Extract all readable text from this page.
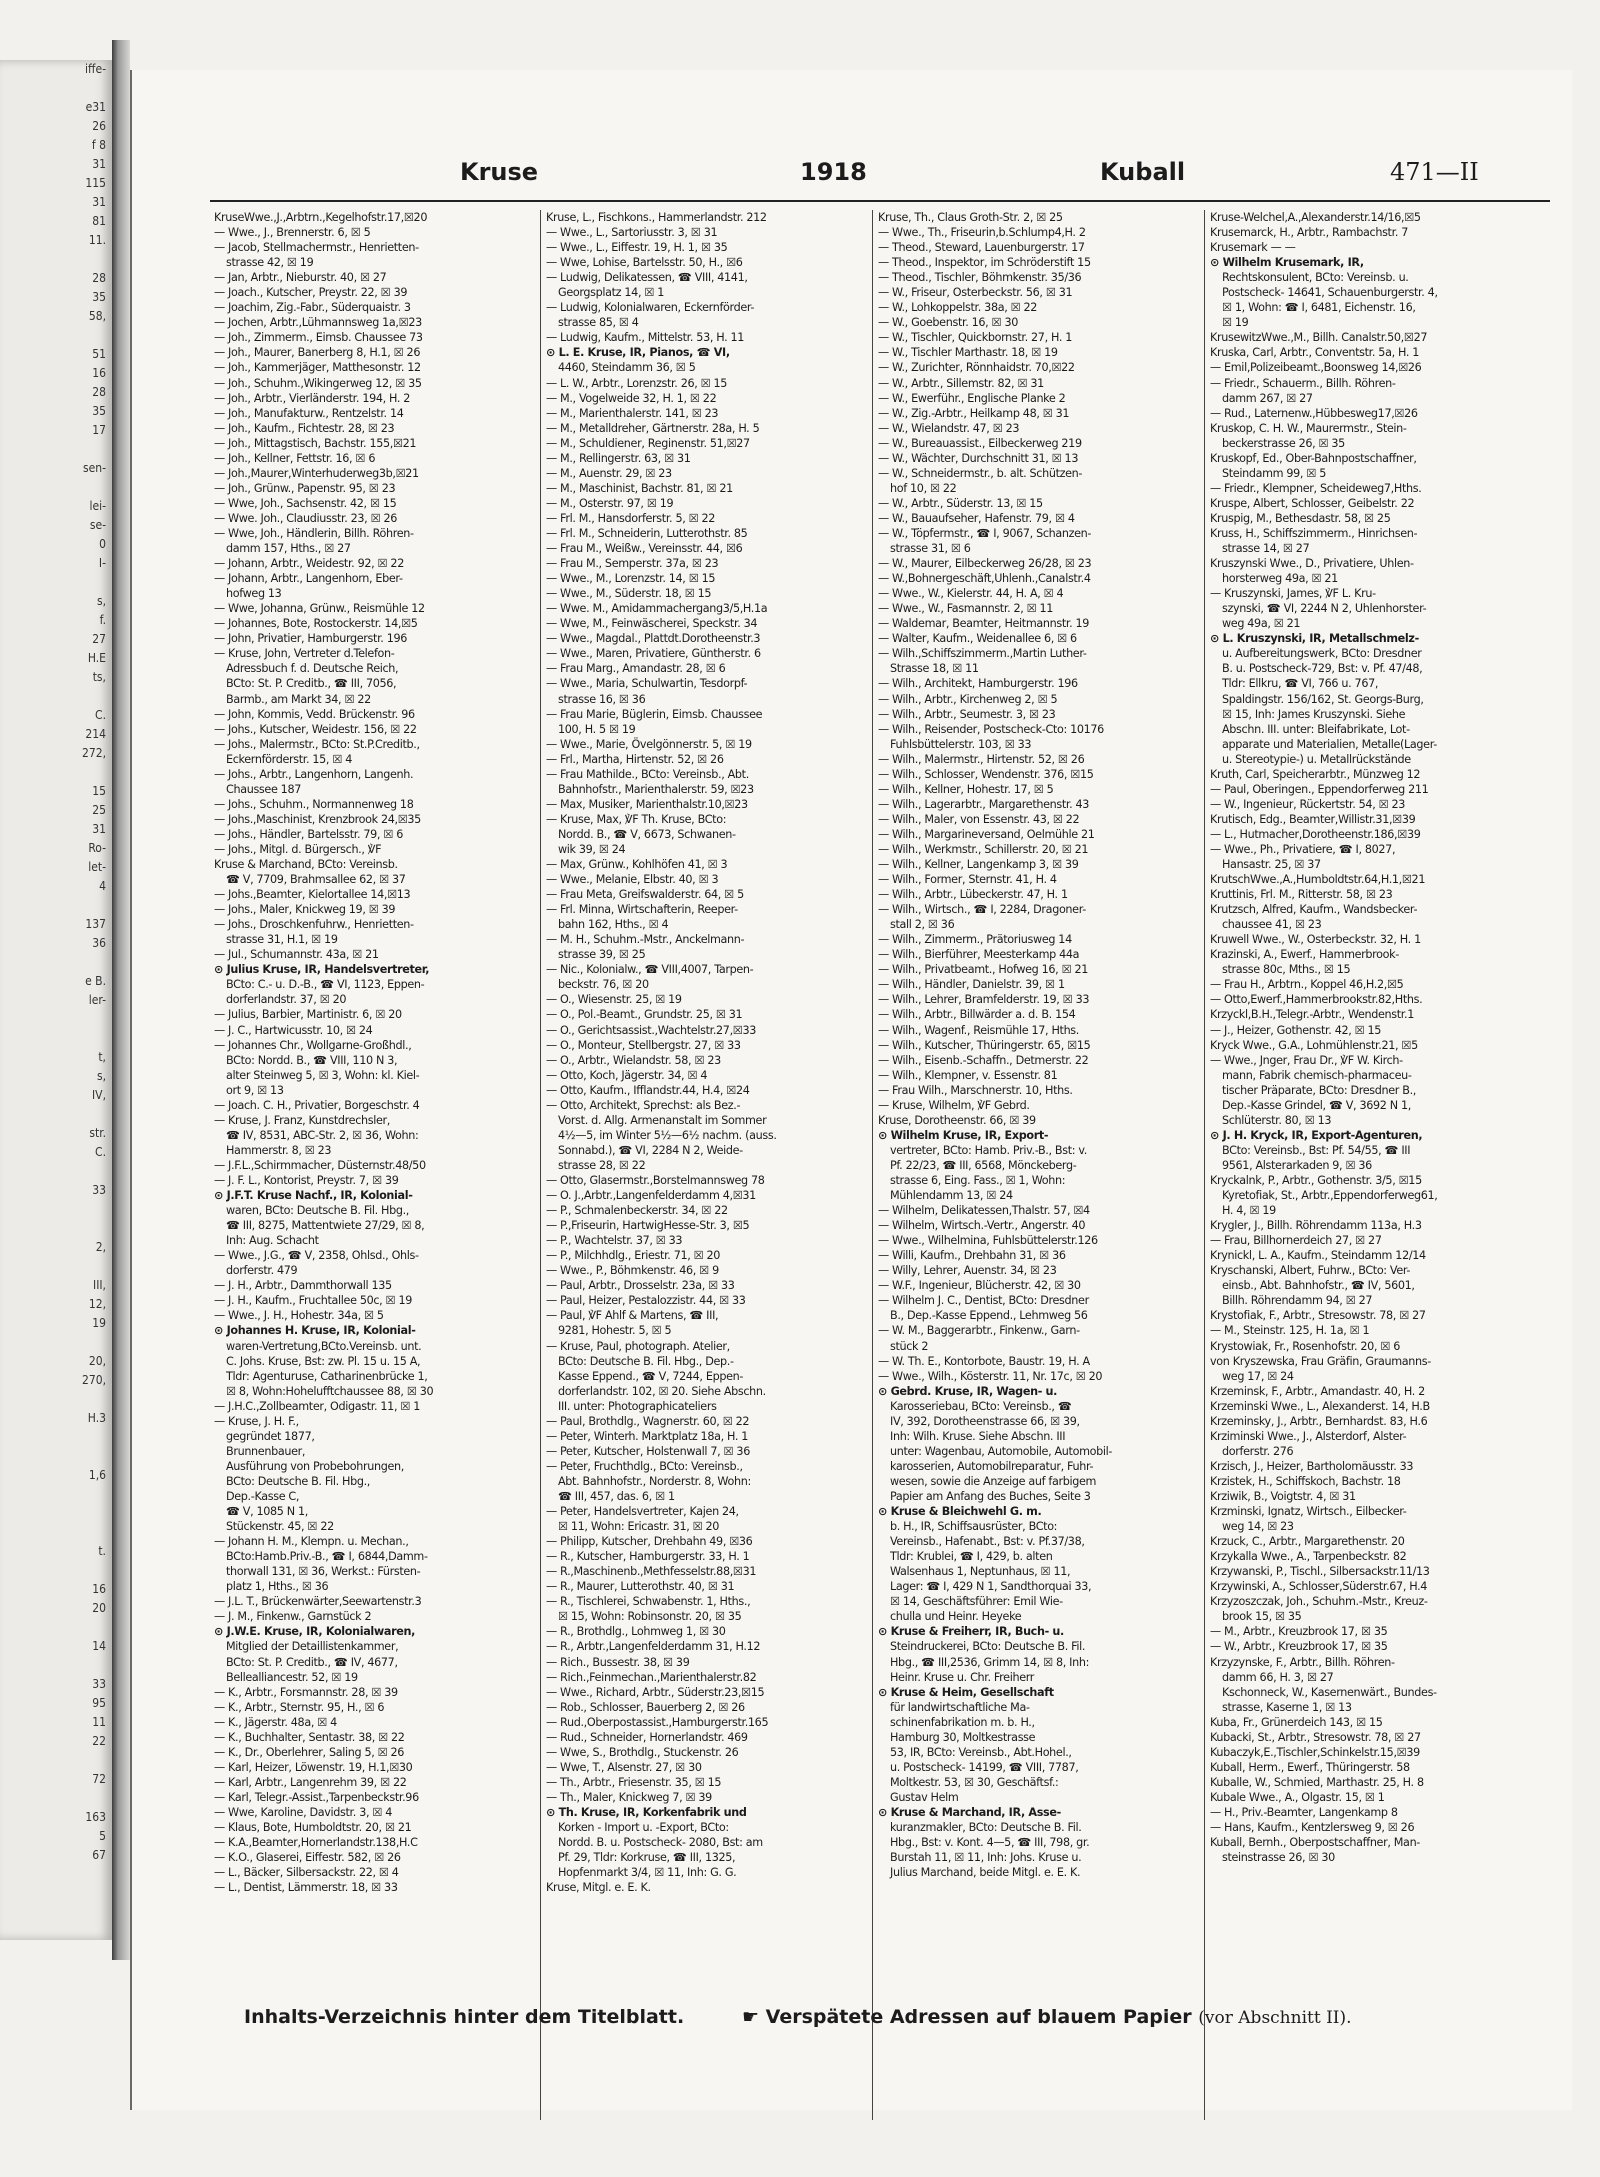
iffe-

e31
26
f 8
31
115
31
81
11.

28
35
58,

51
16
28
35
17

sen-

lei-
se-
0
I-

s,
f.
27
H.E
ts,

C.
214
272,

15
25
31
Ro-
let-
4

137
36

e B.
ler-

t,
s,
IV,

str.
C.

33

2,

III,
12,
19

20,
270,

H.3

1,6

t.

16
20

14

33
95
11
22

72

163
5
67
Kruse	1918	Kuball	471—II
KruseWwe.,J.,Arbtrn.,Kegelhofstr.17,☒20
— Wwe., J., Brennerstr. 6, ☒ 5
— Jacob, Stellmachermstr., Henrietten-
strasse 42, ☒ 19
— Jan, Arbtr., Nieburstr. 40, ☒ 27
— Joach., Kutscher, Preystr. 22, ☒ 39
— Joachim, Zig.-Fabr., Süderquaistr. 3
— Jochen, Arbtr.,Lühmannsweg 1a,☒23
— Joh., Zimmerm., Eimsb. Chaussee 73
— Joh., Maurer, Banerberg 8, H.1, ☒ 26
— Joh., Kammerjäger, Matthesonstr. 12
— Joh., Schuhm.,Wikingerweg 12, ☒ 35
— Joh., Arbtr., Vierländerstr. 194, H. 2
— Joh., Manufakturw., Rentzelstr. 14
— Joh., Kaufm., Fichtestr. 28, ☒ 23
— Joh., Mittagstisch, Bachstr. 155,☒21
— Joh., Kellner, Fettstr. 16, ☒ 6
— Joh.,Maurer,Winterhuderweg3b,☒21
— Joh., Grünw., Papenstr. 95, ☒ 23
— Wwe, Joh., Sachsenstr. 42, ☒ 15
— Wwe. Joh., Claudiusstr. 23, ☒ 26
— Wwe, Joh., Händlerin, Billh. Röhren-
damm 157, Hths., ☒ 27
— Johann, Arbtr., Weidestr. 92, ☒ 22
— Johann, Arbtr., Langenhorn, Eber-
hofweg 13
— Wwe, Johanna, Grünw., Reismühle 12
— Johannes, Bote, Rostockerstr. 14,☒5
— John, Privatier, Hamburgerstr. 196
— Kruse, John, Vertreter d.Telefon-
Adressbuch f. d. Deutsche Reich,
BCto: St. P. Creditb., ☎ III, 7056,
Barmb., am Markt 34, ☒ 22
— John, Kommis, Vedd. Brückenstr. 96
— Johs., Kutscher, Weidestr. 156, ☒ 22
— Johs., Malermstr., BCto: St.P.Creditb.,
Eckernförderstr. 15, ☒ 4
— Johs., Arbtr., Langenhorn, Langenh.
Chaussee 187
— Johs., Schuhm., Normannenweg 18
— Johs.,Maschinist, Krenzbrook 24,☒35
— Johs., Händler, Bartelsstr. 79, ☒ 6
— Johs., Mitgl. d. Bürgersch., ℣F
Kruse & Marchand, BCto: Vereinsb.
☎ V, 7709, Brahmsallee 62, ☒ 37
— Johs.,Beamter, Kielortallee 14,☒13
— Johs., Maler, Knickweg 19, ☒ 39
— Johs., Droschkenfuhrw., Henrietten-
strasse 31, H.1, ☒ 19
— Jul., Schumannstr. 43a, ☒ 21
⊙ Julius Kruse, IR, Handelsvertreter,
BCto: C.- u. D.-B., ☎ VI, 1123, Eppen-
dorferlandstr. 37, ☒ 20
— Julius, Barbier, Martinistr. 6, ☒ 20
— J. C., Hartwicusstr. 10, ☒ 24
— Johannes Chr., Wollgarne-Großhdl.,
BCto: Nordd. B., ☎ VIII, 110 N 3,
alter Steinweg 5, ☒ 3, Wohn: kl. Kiel-
ort 9, ☒ 13
— Joach. C. H., Privatier, Borgeschstr. 4
— Kruse, J. Franz, Kunstdrechsler,
☎ IV, 8531, ABC-Str. 2, ☒ 36, Wohn:
Hammerstr. 8, ☒ 23
— J.F.L.,Schirmmacher, Düsternstr.48/50
— J. F. L., Kontorist, Preystr. 7, ☒ 39
⊙ J.F.T. Kruse Nachf., IR, Kolonial-
waren, BCto: Deutsche B. Fil. Hbg.,
☎ III, 8275, Mattentwiete 27/29, ☒ 8,
Inh: Aug. Schacht
— Wwe., J.G., ☎ V, 2358, Ohlsd., Ohls-
dorferstr. 479
— J. H., Arbtr., Dammthorwall 135
— J. H., Kaufm., Fruchtallee 50c, ☒ 19
— Wwe., J. H., Hohestr. 34a, ☒ 5
⊙ Johannes H. Kruse, IR, Kolonial-
waren-Vertretung,BCto.Vereinsb. unt.
C. Johs. Kruse, Bst: zw. Pl. 15 u. 15 A,
Tldr: Agenturuse, Catharinenbrücke 1,
☒ 8, Wohn:Hohelufftchaussee 88, ☒ 30
— J.H.C.,Zollbeamter, Odigastr. 11, ☒ 1
— Kruse, J. H. F.,
gegründet 1877,
Brunnenbauer,
Ausführung von Probebohrungen,
BCto: Deutsche B. Fil. Hbg.,
Dep.-Kasse C,
☎ V, 1085 N 1,
Stückenstr. 45, ☒ 22
— Johann H. M., Klempn. u. Mechan.,
BCto:Hamb.Priv.-B., ☎ I, 6844,Damm-
thorwall 131, ☒ 36, Werkst.: Fürsten-
platz 1, Hths., ☒ 36
— J.L. T., Brückenwärter,Seewartenstr.3
— J. M., Finkenw., Garnstück 2
⊙ J.W.E. Kruse, IR, Kolonialwaren,
Mitglied der Detaillistenkammer,
BCto: St. P. Creditb., ☎ IV, 4677,
Bellealliancestr. 52, ☒ 19
— K., Arbtr., Forsmannstr. 28, ☒ 39
— K., Arbtr., Sternstr. 95, H., ☒ 6
— K., Jägerstr. 48a, ☒ 4
— K., Buchhalter, Sentastr. 38, ☒ 22
— K., Dr., Oberlehrer, Saling 5, ☒ 26
— Karl, Heizer, Löwenstr. 19, H.1,☒30
— Karl, Arbtr., Langenrehm 39, ☒ 22
— Karl, Telegr.-Assist.,Tarpenbeckstr.96
— Wwe, Karoline, Davidstr. 3, ☒ 4
— Klaus, Bote, Humboldtstr. 20, ☒ 21
— K.A.,Beamter,Hornerlandstr.138,H.C
— K.O., Glaserei, Eiffestr. 582, ☒ 26
— L., Bäcker, Silbersackstr. 22, ☒ 4
— L., Dentist, Lämmerstr. 18, ☒ 33
Kruse, L., Fischkons., Hammerlandstr. 212
— Wwe., L., Sartoriusstr. 3, ☒ 31
— Wwe., L., Eiffestr. 19, H. 1, ☒ 35
— Wwe, Lohise, Bartelsstr. 50, H., ☒6
— Ludwig, Delikatessen, ☎ VIII, 4141,
Georgsplatz 14, ☒ 1
— Ludwig, Kolonialwaren, Eckernförder-
strasse 85, ☒ 4
— Ludwig, Kaufm., Mittelstr. 53, H. 11
⊙ L. E. Kruse, IR, Pianos, ☎ VI,
4460, Steindamm 36, ☒ 5
— L. W., Arbtr., Lorenzstr. 26, ☒ 15
— M., Vogelweide 32, H. 1, ☒ 22
— M., Marienthalerstr. 141, ☒ 23
— M., Metalldreher, Gärtnerstr. 28a, H. 5
— M., Schuldiener, Reginenstr. 51,☒27
— M., Rellingerstr. 63, ☒ 31
— M., Auenstr. 29, ☒ 23
— M., Maschinist, Bachstr. 81, ☒ 21
— M., Osterstr. 97, ☒ 19
— Frl. M., Hansdorferstr. 5, ☒ 22
— Frl. M., Schneiderin, Lutterothstr. 85
— Frau M., Weißw., Vereinsstr. 44, ☒6
— Frau M., Semperstr. 37a, ☒ 23
— Wwe., M., Lorenzstr. 14, ☒ 15
— Wwe., M., Süderstr. 18, ☒ 15
— Wwe. M., Amidammachergang3/5,H.1a
— Wwe, M., Feinwäscherei, Speckstr. 34
— Wwe., Magdal., Plattdt.Dorotheenstr.3
— Wwe., Maren, Privatiere, Güntherstr. 6
— Frau Marg., Amandastr. 28, ☒ 6
— Wwe., Maria, Schulwartin, Tesdorpf-
strasse 16, ☒ 36
— Frau Marie, Büglerin, Eimsb. Chaussee
100, H. 5 ☒ 19
— Wwe., Marie, Övelgönnerstr. 5, ☒ 19
— Frl., Martha, Hirtenstr. 52, ☒ 26
— Frau Mathilde., BCto: Vereinsb., Abt.
Bahnhofstr., Marienthalerstr. 59, ☒23
— Max, Musiker, Marienthalstr.10,☒23
— Kruse, Max, ℣F Th. Kruse, BCto:
Nordd. B., ☎ V, 6673, Schwanen-
wik 39, ☒ 24
— Max, Grünw., Kohlhöfen 41, ☒ 3
— Wwe., Melanie, Elbstr. 40, ☒ 3
— Frau Meta, Greifswalderstr. 64, ☒ 5
— Frl. Minna, Wirtschafterin, Reeper-
bahn 162, Hths., ☒ 4
— M. H., Schuhm.-Mstr., Anckelmann-
strasse 39, ☒ 25
— Nic., Kolonialw., ☎ VIII,4007, Tarpen-
beckstr. 76, ☒ 20
— O., Wiesenstr. 25, ☒ 19
— O., Pol.-Beamt., Grundstr. 25, ☒ 31
— O., Gerichtsassist.,Wachtelstr.27,☒33
— O., Monteur, Stellbergstr. 27, ☒ 33
— O., Arbtr., Wielandstr. 58, ☒ 23
— Otto, Koch, Jägerstr. 34, ☒ 4
— Otto, Kaufm., Ifflandstr.44, H.4, ☒24
— Otto, Architekt, Sprechst: als Bez.-
Vorst. d. Allg. Armenanstalt im Sommer
4½—5, im Winter 5½—6½ nachm. (auss.
Sonnabd.), ☎ VI, 2284 N 2, Weide-
strasse 28, ☒ 22
— Otto, Glasermstr.,Borstelmannsweg 78
— O. J.,Arbtr.,Langenfelderdamm 4,☒31
— P., Schmalenbeckerstr. 34, ☒ 22
— P.,Friseurin, HartwigHesse-Str. 3, ☒5
— P., Wachtelstr. 37, ☒ 33
— P., Milchhdlg., Eriestr. 71, ☒ 20
— Wwe., P., Böhmkenstr. 46, ☒ 9
— Paul, Arbtr., Drosselstr. 23a, ☒ 33
— Paul, Heizer, Pestalozzistr. 44, ☒ 33
— Paul, ℣F Ahlf & Martens, ☎ III,
9281, Hohestr. 5, ☒ 5
— Kruse, Paul, photograph. Atelier,
BCto: Deutsche B. Fil. Hbg., Dep.-
Kasse Eppend., ☎ V, 7244, Eppen-
dorferlandstr. 102, ☒ 20. Siehe Abschn.
III. unter: Photographicateliers
— Paul, Brothdlg., Wagnerstr. 60, ☒ 22
— Peter, Winterh. Marktplatz 18a, H. 1
— Peter, Kutscher, Holstenwall 7, ☒ 36
— Peter, Fruchthdlg., BCto: Vereinsb.,
Abt. Bahnhofstr., Norderstr. 8, Wohn:
☎ III, 457, das. 6, ☒ 1
— Peter, Handelsvertreter, Kajen 24,
☒ 11, Wohn: Ericastr. 31, ☒ 20
— Philipp, Kutscher, Drehbahn 49, ☒36
— R., Kutscher, Hamburgerstr. 33, H. 1
— R.,Maschinenb.,Methfesselstr.88,☒31
— R., Maurer, Lutterothstr. 40, ☒ 31
— R., Tischlerei, Schwabenstr. 1, Hths.,
☒ 15, Wohn: Robinsonstr. 20, ☒ 35
— R., Brothdlg., Lohmweg 1, ☒ 30
— R., Arbtr.,Langenfelderdamm 31, H.12
— Rich., Bussestr. 38, ☒ 39
— Rich.,Feinmechan.,Marienthalerstr.82
— Wwe., Richard, Arbtr., Süderstr.23,☒15
— Rob., Schlosser, Bauerberg 2, ☒ 26
— Rud.,Oberpostassist.,Hamburgerstr.165
— Rud., Schneider, Hornerlandstr. 469
— Wwe, S., Brothdlg., Stuckenstr. 26
— Wwe, T., Alsenstr. 27, ☒ 30
— Th., Arbtr., Friesenstr. 35, ☒ 15
— Th., Maler, Knickweg 7, ☒ 39
⊙ Th. Kruse, IR, Korkenfabrik und
Korken - Import u. -Export, BCto:
Nordd. B. u. Postscheck- 2080, Bst: am
Pf. 29, Tldr: Korkruse, ☎ III, 1325,
Hopfenmarkt 3/4, ☒ 11, Inh: G. G.
Kruse, Mitgl. e. E. K.
Kruse, Th., Claus Groth-Str. 2, ☒ 25
— Wwe., Th., Friseurin,b.Schlump4,H. 2
— Theod., Steward, Lauenburgerstr. 17
— Theod., Inspektor, im Schröderstift 15
— Theod., Tischler, Böhmkenstr. 35/36
— W., Friseur, Osterbeckstr. 56, ☒ 31
— W., Lohkoppelstr. 38a, ☒ 22
— W., Goebenstr. 16, ☒ 30
— W., Tischler, Quickbornstr. 27, H. 1
— W., Tischler Marthastr. 18, ☒ 19
— W., Zurichter, Rönnhaidstr. 70,☒22
— W., Arbtr., Sillemstr. 82, ☒ 31
— W., Ewerführ., Englische Planke 2
— W., Zig.-Arbtr., Heilkamp 48, ☒ 31
— W., Wielandstr. 47, ☒ 23
— W., Bureauassist., Eilbeckerweg 219
— W., Wächter, Durchschnitt 31, ☒ 13
— W., Schneidermstr., b. alt. Schützen-
hof 10, ☒ 22
— W., Arbtr., Süderstr. 13, ☒ 15
— W., Bauaufseher, Hafenstr. 79, ☒ 4
— W., Töpfermstr., ☎ I, 9067, Schanzen-
strasse 31, ☒ 6
— W., Maurer, Eilbeckerweg 26/28, ☒ 23
— W.,Bohnergeschäft,Uhlenh.,Canalstr.4
— Wwe., W., Kielerstr. 44, H. A, ☒ 4
— Wwe., W., Fasmannstr. 2, ☒ 11
— Waldemar, Beamter, Heitmannstr. 19
— Walter, Kaufm., Weidenallee 6, ☒ 6
— Wilh.,Schiffszimmerm.,Martin Luther-
Strasse 18, ☒ 11
— Wilh., Architekt, Hamburgerstr. 196
— Wilh., Arbtr., Kirchenweg 2, ☒ 5
— Wilh., Arbtr., Seumestr. 3, ☒ 23
— Wilh., Reisender, Postscheck-Cto: 10176
Fuhlsbüttelerstr. 103, ☒ 33
— Wilh., Malermstr., Hirtenstr. 52, ☒ 26
— Wilh., Schlosser, Wendenstr. 376, ☒15
— Wilh., Kellner, Hohestr. 17, ☒ 5
— Wilh., Lagerarbtr., Margarethenstr. 43
— Wilh., Maler, von Essenstr. 43, ☒ 22
— Wilh., Margarineversand, Oelmühle 21
— Wilh., Werkmstr., Schillerstr. 20, ☒ 21
— Wilh., Kellner, Langenkamp 3, ☒ 39
— Wilh., Former, Sternstr. 41, H. 4
— Wilh., Arbtr., Lübeckerstr. 47, H. 1
— Wilh., Wirtsch., ☎ I, 2284, Dragoner-
stall 2, ☒ 36
— Wilh., Zimmerm., Prätoriusweg 14
— Wilh., Bierführer, Meesterkamp 44a
— Wilh., Privatbeamt., Hofweg 16, ☒ 21
— Wilh., Händler, Danielstr. 39, ☒ 1
— Wilh., Lehrer, Bramfelderstr. 19, ☒ 33
— Wilh., Arbtr., Billwärder a. d. B. 154
— Wilh., Wagenf., Reismühle 17, Hths.
— Wilh., Kutscher, Thüringerstr. 65, ☒15
— Wilh., Eisenb.-Schaffn., Detmerstr. 22
— Wilh., Klempner, v. Essenstr. 81
— Frau Wilh., Marschnerstr. 10, Hths.
— Kruse, Wilhelm, ℣F Gebrd.
Kruse, Dorotheenstr. 66, ☒ 39
⊙ Wilhelm Kruse, IR, Export-
vertreter, BCto: Hamb. Priv.-B., Bst: v.
Pf. 22/23, ☎ III, 6568, Mönckeberg-
strasse 6, Eing. Fass., ☒ 1, Wohn:
Mühlendamm 13, ☒ 24
— Wilhelm, Delikatessen,Thalstr. 57, ☒4
— Wilhelm, Wirtsch.-Vertr., Angerstr. 40
— Wwe., Wilhelmina, Fuhlsbüttelerstr.126
— Willi, Kaufm., Drehbahn 31, ☒ 36
— Willy, Lehrer, Auenstr. 34, ☒ 23
— W.F., Ingenieur, Blücherstr. 42, ☒ 30
— Wilhelm J. C., Dentist, BCto: Dresdner
B., Dep.-Kasse Eppend., Lehmweg 56
— W. M., Baggerarbtr., Finkenw., Garn-
stück 2
— W. Th. E., Kontorbote, Baustr. 19, H. A
— Wwe., Wilh., Kösterstr. 11, Nr. 17c, ☒ 20
⊙ Gebrd. Kruse, IR, Wagen- u.
Karosseriebau, BCto: Vereinsb., ☎
IV, 392, Dorotheenstrasse 66, ☒ 39,
Inh: Wilh. Kruse. Siehe Abschn. III
unter: Wagenbau, Automobile, Automobil-
karosserien, Automobilreparatur, Fuhr-
wesen, sowie die Anzeige auf farbigem
Papier am Anfang des Buches, Seite 3
⊙ Kruse & Bleichwehl G. m.
b. H., IR, Schiffsausrüster, BCto:
Vereinsb., Hafenabt., Bst: v. Pf.37/38,
Tldr: Krublei, ☎ I, 429, b. alten
Walsenhaus 1, Neptunhaus, ☒ 11,
Lager: ☎ I, 429 N 1, Sandthorquai 33,
☒ 14, Geschäftsführer: Emil Wie-
chulla und Heinr. Heyeke
⊙ Kruse & Freiherr, IR, Buch- u.
Steindruckerei, BCto: Deutsche B. Fil.
Hbg., ☎ III,2536, Grimm 14, ☒ 8, Inh:
Heinr. Kruse u. Chr. Freiherr
⊙ Kruse & Heim, Gesellschaft
für landwirtschaftliche Ma-
schinenfabrikation m. b. H.,
Hamburg 30, Moltkestrasse
53, IR, BCto: Vereinsb., Abt.Hohel.,
u. Postscheck- 14199, ☎ VIII, 7787,
Moltkestr. 53, ☒ 30, Geschäftsf.:
Gustav Helm
⊙ Kruse & Marchand, IR, Asse-
kuranzmakler, BCto: Deutsche B. Fil.
Hbg., Bst: v. Kont. 4—5, ☎ III, 798, gr.
Burstah 11, ☒ 11, Inh: Johs. Kruse u.
Julius Marchand, beide Mitgl. e. E. K.
Kruse-Welchel,A.,Alexanderstr.14/16,☒5
Krusemarck, H., Arbtr., Rambachstr. 7
Krusemark — —
⊙ Wilhelm Krusemark, IR,
Rechtskonsulent, BCto: Vereinsb. u.
Postscheck- 14641, Schauenburgerstr. 4,
☒ 1, Wohn: ☎ I, 6481, Eichenstr. 16,
☒ 19
KrusewitzWwe.,M., Billh. Canalstr.50,☒27
Kruska, Carl, Arbtr., Conventstr. 5a, H. 1
— Emil,Polizeibeamt.,Boonsweg 14,☒26
— Friedr., Schauerm., Billh. Röhren-
damm 267, ☒ 27
— Rud., Laternenw.,Hübbesweg17,☒26
Kruskop, C. H. W., Maurermstr., Stein-
beckerstrasse 26, ☒ 35
Kruskopf, Ed., Ober-Bahnpostschaffner,
Steindamm 99, ☒ 5
— Friedr., Klempner, Scheideweg7,Hths.
Kruspe, Albert, Schlosser, Geibelstr. 22
Kruspig, M., Bethesdastr. 58, ☒ 25
Kruss, H., Schiffszimmerm., Hinrichsen-
strasse 14, ☒ 27
Kruszynski Wwe., D., Privatiere, Uhlen-
horsterweg 49a, ☒ 21
— Kruszynski, James, ℣F L. Kru-
szynski, ☎ VI, 2244 N 2, Uhlenhorster-
weg 49a, ☒ 21
⊙ L. Kruszynski, IR, Metallschmelz-
u. Aufbereitungswerk, BCto: Dresdner
B. u. Postscheck-729, Bst: v. Pf. 47/48,
Tldr: Ellkru, ☎ VI, 766 u. 767,
Spaldingstr. 156/162, St. Georgs-Burg,
☒ 15, Inh: James Kruszynski. Siehe
Abschn. III. unter: Bleifabrikate, Lot-
apparate und Materialien, Metalle(Lager-
u. Stereotypie-) u. Metallrückstände
Kruth, Carl, Speicherarbtr., Münzweg 12
— Paul, Oberingen., Eppendorferweg 211
— W., Ingenieur, Rückertstr. 54, ☒ 23
Krutisch, Edg., Beamter,Willistr.31,☒39
— L., Hutmacher,Dorotheenstr.186,☒39
— Wwe., Ph., Privatiere, ☎ I, 8027,
Hansastr. 25, ☒ 37
KrutschWwe.,A.,Humboldtstr.64,H.1,☒21
Kruttinis, Frl. M., Ritterstr. 58, ☒ 23
Krutzsch, Alfred, Kaufm., Wandsbecker-
chaussee 41, ☒ 23
Kruwell Wwe., W., Osterbeckstr. 32, H. 1
Krazinski, A., Ewerf., Hammerbrook-
strasse 80c, Mths., ☒ 15
— Frau H., Arbtrn., Koppel 46,H.2,☒5
— Otto,Ewerf.,Hammerbrookstr.82,Hths.
Krzyckl,B.H.,Telegr.-Arbtr., Wendenstr.1
— J., Heizer, Gothenstr. 42, ☒ 15
Kryck Wwe., G.A., Lohmühlenstr.21, ☒5
— Wwe., Jnger, Frau Dr., ℣F W. Kirch-
mann, Fabrik chemisch-pharmaceu-
tischer Präparate, BCto: Dresdner B.,
Dep.-Kasse Grindel, ☎ V, 3692 N 1,
Schlüterstr. 80, ☒ 13
⊙ J. H. Kryck, IR, Export-Agenturen,
BCto: Vereinsb., Bst: Pf. 54/55, ☎ III
9561, Alsterarkaden 9, ☒ 36
Kryckalnk, P., Arbtr., Gothenstr. 3/5, ☒15
Kyretofiak, St., Arbtr.,Eppendorferweg61,
H. 4, ☒ 19
Krygler, J., Billh. Röhrendamm 113a, H.3
— Frau, Billhornerdeich 27, ☒ 27
Krynickl, L. A., Kaufm., Steindamm 12/14
Kryschanski, Albert, Fuhrw., BCto: Ver-
einsb., Abt. Bahnhofstr., ☎ IV, 5601,
Billh. Röhrendamm 94, ☒ 27
Krystofiak, F., Arbtr., Stresowstr. 78, ☒ 27
— M., Steinstr. 125, H. 1a, ☒ 1
Krystowiak, Fr., Rosenhofstr. 20, ☒ 6
von Kryszewska, Frau Gräfin, Graumanns-
weg 17, ☒ 24
Krzeminsk, F., Arbtr., Amandastr. 40, H. 2
Krzeminski Wwe., L., Alexanderst. 14, H.B
Krzeminsky, J., Arbtr., Bernhardst. 83, H.6
Krziminski Wwe., J., Alsterdorf, Alster-
dorferstr. 276
Krzisch, J., Heizer, Bartholomäusstr. 33
Krzistek, H., Schiffskoch, Bachstr. 18
Krziwik, B., Voigtstr. 4, ☒ 31
Krzminski, Ignatz, Wirtsch., Eilbecker-
weg 14, ☒ 23
Krzuck, C., Arbtr., Margarethenstr. 20
Krzykalla Wwe., A., Tarpenbeckstr. 82
Krzywanski, P., Tischl., Silbersackstr.11/13
Krzywinski, A., Schlosser,Süderstr.67, H.4
Krzyzoszczak, Joh., Schuhm.-Mstr., Kreuz-
brook 15, ☒ 35
— M., Arbtr., Kreuzbrook 17, ☒ 35
— W., Arbtr., Kreuzbrook 17, ☒ 35
Krzyzynske, F., Arbtr., Billh. Röhren-
damm 66, H. 3, ☒ 27
Kschonneck, W., Kasernenwärt., Bundes-
strasse, Kaserne 1, ☒ 13
Kuba, Fr., Grünerdeich 143, ☒ 15
Kubacki, St., Arbtr., Stresowstr. 78, ☒ 27
Kubaczyk,E.,Tischler,Schinkelstr.15,☒39
Kuball, Herm., Ewerf., Thüringerstr. 58
Kuballe, W., Schmied, Marthastr. 25, H. 8
Kubale Wwe., A., Olgastr. 15, ☒ 1
— H., Priv.-Beamter, Langenkamp 8
— Hans, Kaufm., Kentzlersweg 9, ☒ 26
Kuball, Bernh., Oberpostschaffner, Man-
steinstrasse 26, ☒ 30
Inhalts-Verzeichnis hinter dem Titelblatt.	☛ Verspätete Adressen auf blauem Papier (vor Abschnitt II).
